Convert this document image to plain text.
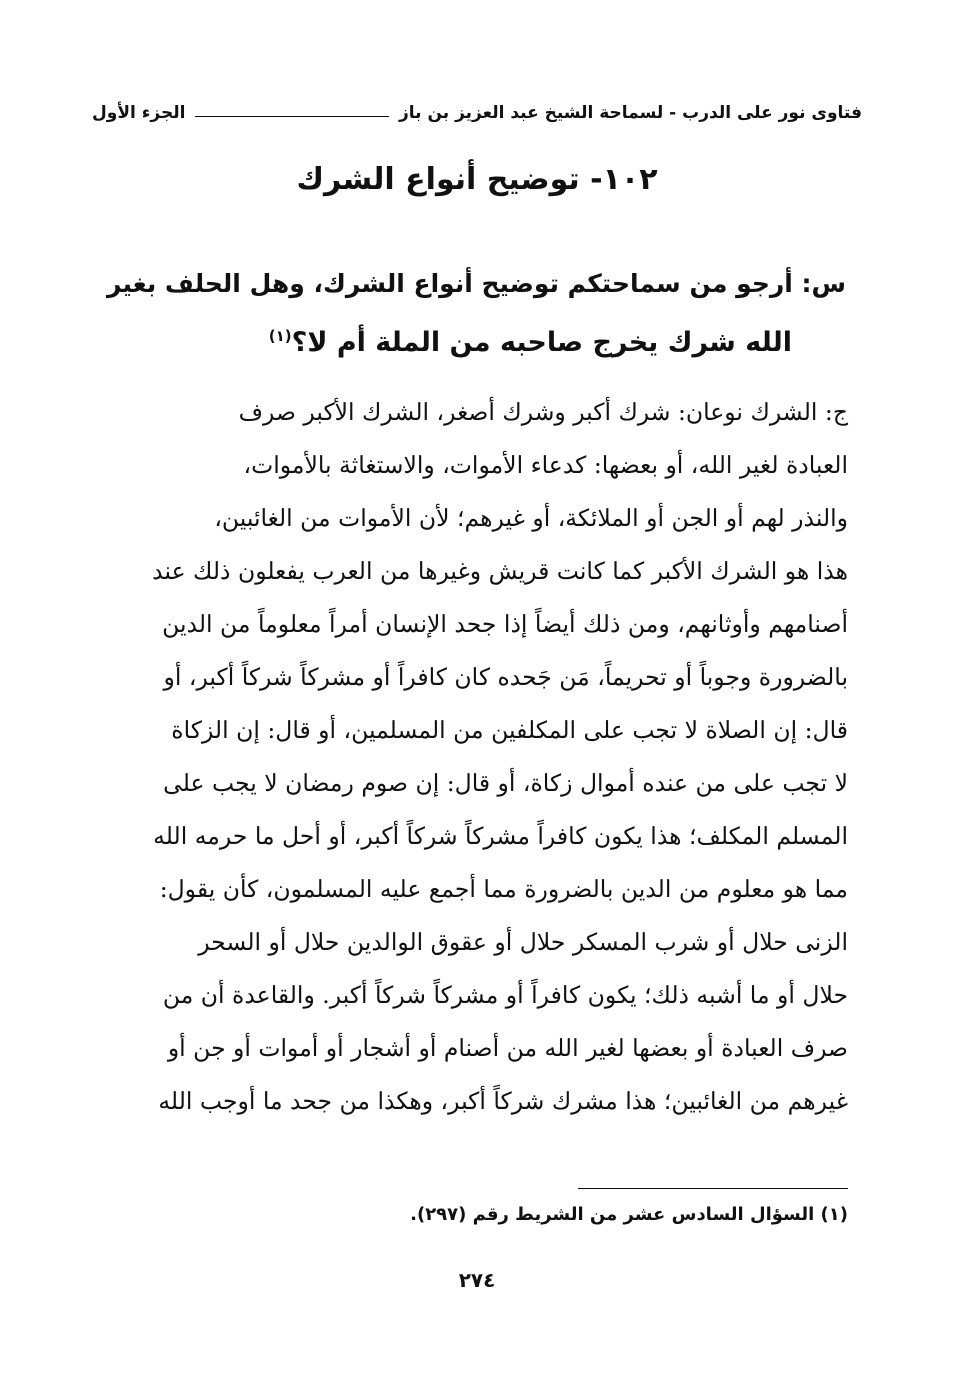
فتاوى نور على الدرب - لسماحة الشيخ عبد العزيز بن باز
الجزء الأول
١٠٢- توضيح أنواع الشرك
س: أرجو من سماحتكم توضيح أنواع الشرك، وهل الحلف بغير
الله شرك يخرج صاحبه من الملة أم لا؟$^{(١)}$
ج: الشرك نوعان: شرك أكبر وشرك أصغر، الشرك الأكبر صرف
العبادة لغير الله، أو بعضها: كدعاء الأموات، والاستغاثة بالأموات،
والنذر لهم أو الجن أو الملائكة، أو غيرهم؛ لأن الأموات من الغائبين،
هذا هو الشرك الأكبر كما كانت قريش وغيرها من العرب يفعلون ذلك عند
أصنامهم وأوثانهم، ومن ذلك أيضاً إذا جحد الإنسان أمراً معلوماً من الدين
بالضرورة وجوباً أو تحريماً، مَن جَحده كان كافراً أو مشركاً شركاً أكبر، أو
قال: إن الصلاة لا تجب على المكلفين من المسلمين، أو قال: إن الزكاة
لا تجب على من عنده أموال زكاة، أو قال: إن صوم رمضان لا يجب على
المسلم المكلف؛ هذا يكون كافراً مشركاً شركاً أكبر، أو أحل ما حرمه الله
مما هو معلوم من الدين بالضرورة مما أجمع عليه المسلمون، كأن يقول:
الزنى حلال أو شرب المسكر حلال أو عقوق الوالدين حلال أو السحر
حلال أو ما أشبه ذلك؛ يكون كافراً أو مشركاً شركاً أكبر. والقاعدة أن من
صرف العبادة أو بعضها لغير الله من أصنام أو أشجار أو أموات أو جن أو
غيرهم من الغائبين؛ هذا مشرك شركاً أكبر، وهكذا من جحد ما أوجب الله
(١) السؤال السادس عشر من الشريط رقم (٢٩٧).
٢٧٤
